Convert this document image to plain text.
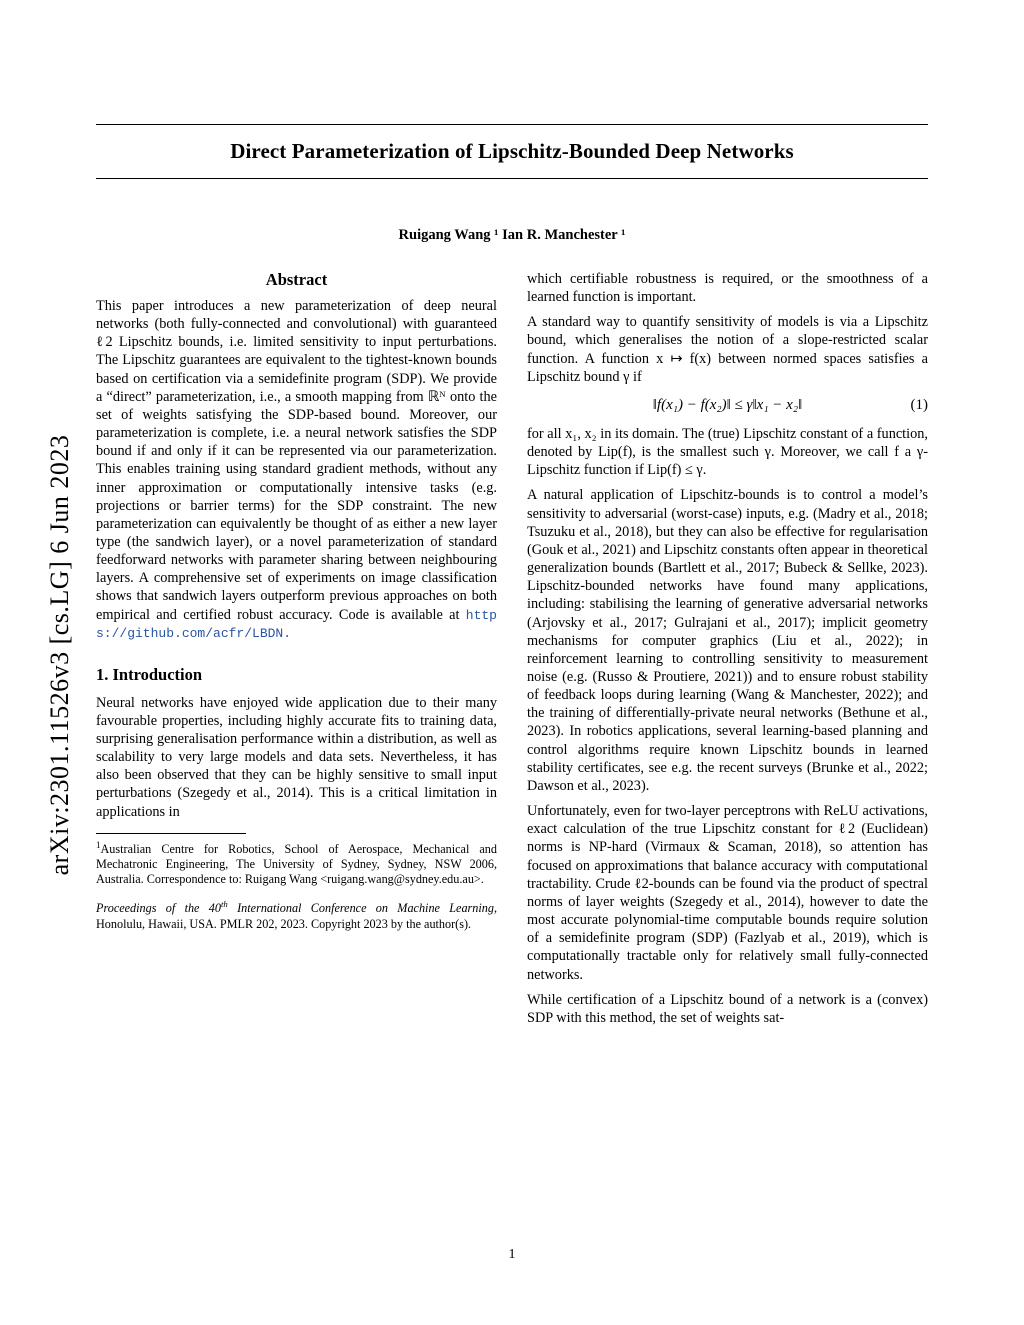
arXiv:2301.11526v3 [cs.LG] 6 Jun 2023
Direct Parameterization of Lipschitz-Bounded Deep Networks
Ruigang Wang ¹ Ian R. Manchester ¹
Abstract

This paper introduces a new parameterization of deep neural networks (both fully-connected and convolutional) with guaranteed ℓ2 Lipschitz bounds, i.e. limited sensitivity to input perturbations. The Lipschitz guarantees are equivalent to the tightest-known bounds based on certification via a semidefinite program (SDP). We provide a “direct” parameterization, i.e., a smooth mapping from ℝᴺ onto the set of weights satisfying the SDP-based bound. Moreover, our parameterization is complete, i.e. a neural network satisfies the SDP bound if and only if it can be represented via our parameterization. This enables training using standard gradient methods, without any inner approximation or computationally intensive tasks (e.g. projections or barrier terms) for the SDP constraint. The new parameterization can equivalently be thought of as either a new layer type (the sandwich layer), or a novel parameterization of standard feedforward networks with parameter sharing between neighbouring layers. A comprehensive set of experiments on image classification shows that sandwich layers outperform previous approaches on both empirical and certified robust accuracy. Code is available at https://github.com/acfr/LBDN.

1. Introduction

Neural networks have enjoyed wide application due to their many favourable properties, including highly accurate fits to training data, surprising generalisation performance within a distribution, as well as scalability to very large models and data sets. Nevertheless, it has also been observed that they can be highly sensitive to small input perturbations (Szegedy et al., 2014). This is a critical limitation in applications in

$^1$Australian Centre for Robotics, School of Aerospace, Mechanical and Mechatronic Engineering, The University of Sydney, Sydney, NSW 2006, Australia. Correspondence to: Ruigang Wang <ruigang.wang@sydney.edu.au>.
Proceedings of the 40th International Conference on Machine Learning, Honolulu, Hawaii, USA. PMLR 202, 2023. Copyright 2023 by the author(s).

which certifiable robustness is required, or the smoothness of a learned function is important.

A standard way to quantify sensitivity of models is via a Lipschitz bound, which generalises the notion of a slope-restricted scalar function. A function x ↦ f(x) between normed spaces satisfies a Lipschitz bound γ if

‖f(x₁) − f(x₂)‖ ≤ γ‖x₁ − x₂‖	(1)

for all x₁, x₂ in its domain. The (true) Lipschitz constant of a function, denoted by Lip(f), is the smallest such γ. Moreover, we call f a γ-Lipschitz function if Lip(f) ≤ γ.

A natural application of Lipschitz-bounds is to control a model’s sensitivity to adversarial (worst-case) inputs, e.g. (Madry et al., 2018; Tsuzuku et al., 2018), but they can also be effective for regularisation (Gouk et al., 2021) and Lipschitz constants often appear in theoretical generalization bounds (Bartlett et al., 2017; Bubeck & Sellke, 2023). Lipschitz-bounded networks have found many applications, including: stabilising the learning of generative adversarial networks (Arjovsky et al., 2017; Gulrajani et al., 2017); implicit geometry mechanisms for computer graphics (Liu et al., 2022); in reinforcement learning to controlling sensitivity to measurement noise (e.g. (Russo & Proutiere, 2021)) and to ensure robust stability of feedback loops during learning (Wang & Manchester, 2022); and the training of differentially-private neural networks (Bethune et al., 2023). In robotics applications, several learning-based planning and control algorithms require known Lipschitz bounds in learned stability certificates, see e.g. the recent surveys (Brunke et al., 2022; Dawson et al., 2023).

Unfortunately, even for two-layer perceptrons with ReLU activations, exact calculation of the true Lipschitz constant for ℓ2 (Euclidean) norms is NP-hard (Virmaux & Scaman, 2018), so attention has focused on approximations that balance accuracy with computational tractability. Crude ℓ2-bounds can be found via the product of spectral norms of layer weights (Szegedy et al., 2014), however to date the most accurate polynomial-time computable bounds require solution of a semidefinite program (SDP) (Fazlyab et al., 2019), which is computationally tractable only for relatively small fully-connected networks.

While certification of a Lipschitz bound of a network is a (convex) SDP with this method, the set of weights sat-

1
